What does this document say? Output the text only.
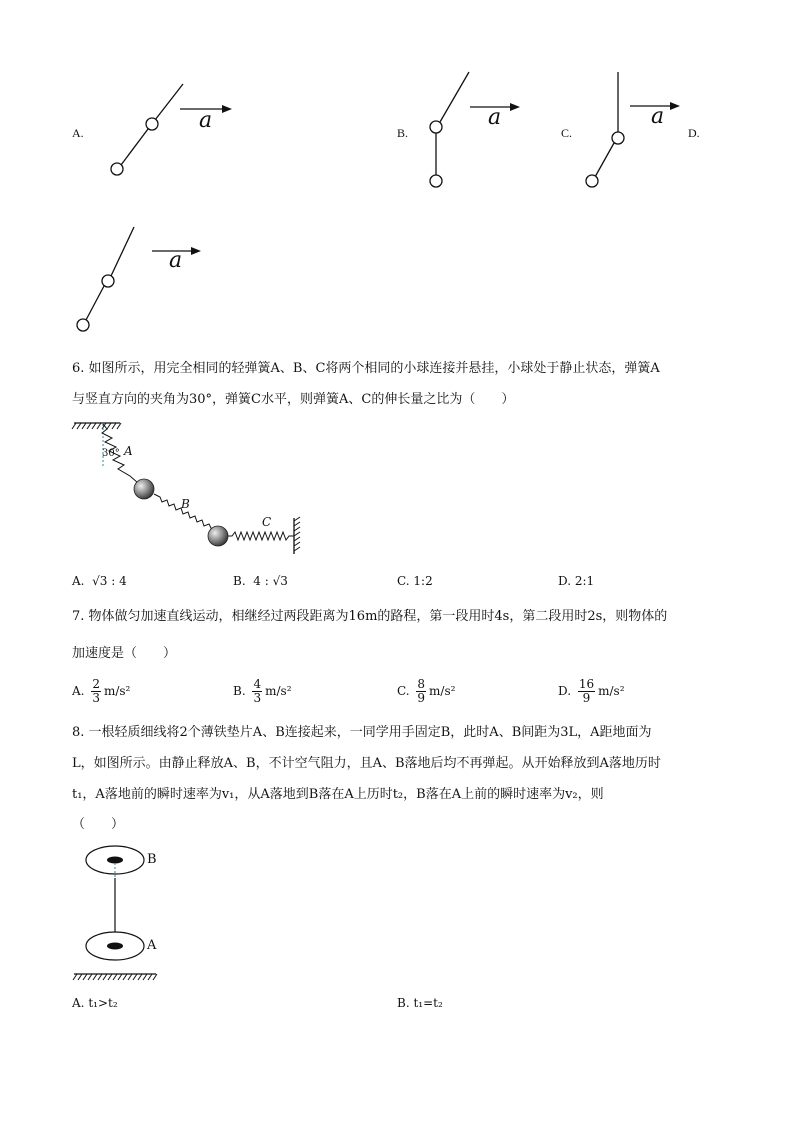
A.	a	B.
a
C.
a
D.
a
6. 如图所示，用完全相同的轻弹簧A、B、C将两个相同的小球连接并悬挂，小球处于静止状态，弹簧A
与竖直方向的夹角为30°，弹簧C水平，则弹簧A、C的伸长量之比为（　　）
30° A
B
C
A. √3 : 4	B. 4 : √3	C. 1:2	D. 2:1
7. 物体做匀加速直线运动，相继经过两段距离为16m的路程，第一段用时4s，第二段用时2s，则物体的
加速度是（　　）
A. $\frac{2}{3} m/s^2$	B. $\frac{4}{3} m/s^2$	C. $\frac{8}{9} m/s^2$	D. $\frac{16}{9} m/s^2$
8. 一根轻质细线将2个薄铁垫片A、B连接起来，一同学用手固定B，此时A、B间距为3L，A距地面为
L，如图所示。由静止释放A、B，不计空气阻力，且A、B落地后均不再弹起。从开始释放到A落地历时
t₁，A落地前的瞬时速率为v₁，从A落地到B落在A上历时t₂，B落在A上前的瞬时速率为v₂，则
（　　）
B
A
A. t₁>t₂	B. t₁=t₂
